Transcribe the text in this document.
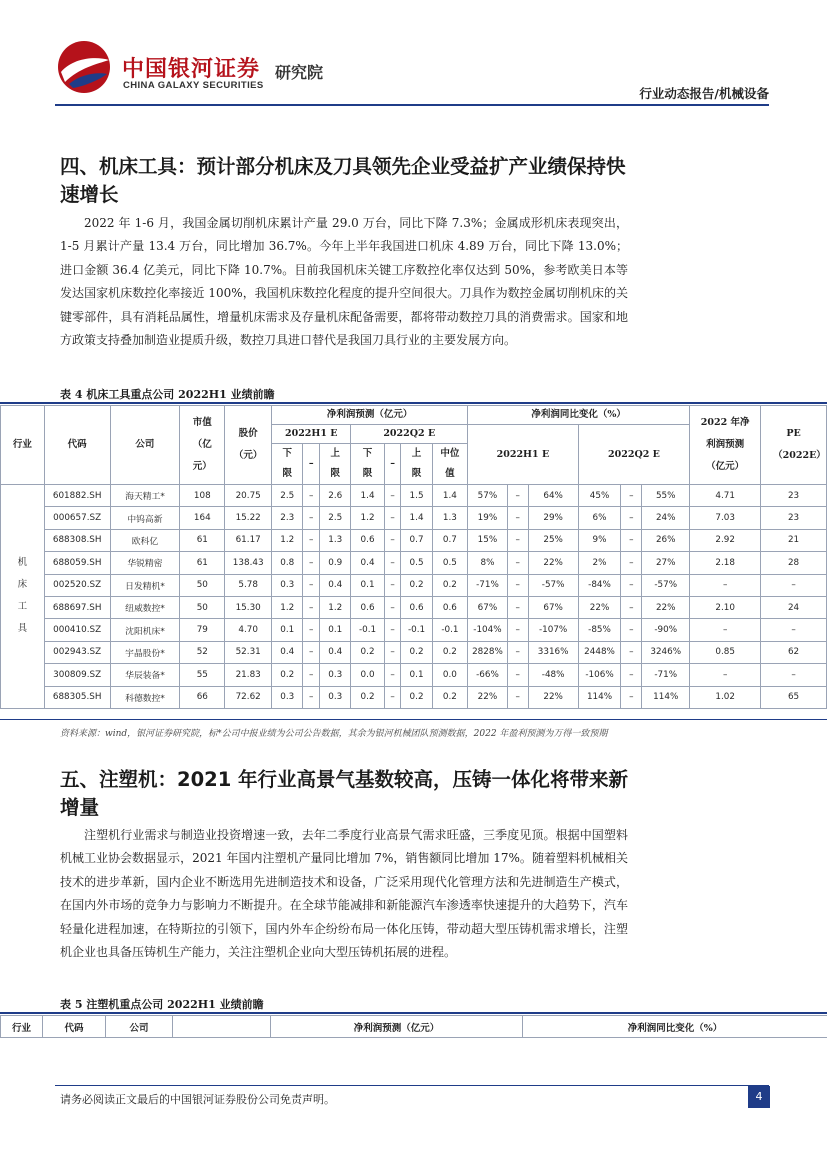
中国银河证券
CHINA GALAXY SECURITIES
研究院
行业动态报告/机械设备
四、机床工具：预计部分机床及刀具领先企业受益扩产业绩保持快速增长
2022 年 1-6 月，我国金属切削机床累计产量 29.0 万台，同比下降 7.3%；金属成形机床表现突出，1-5 月累计产量 13.4 万台，同比增加 36.7%。今年上半年我国进口机床 4.89 万台，同比下降 13.0%；进口金额 36.4 亿美元，同比下降 10.7%。目前我国机床关键工序数控化率仅达到 50%，参考欧美日本等发达国家机床数控化率接近 100%，我国机床数控化程度的提升空间很大。刀具作为数控金属切削机床的关键零部件，具有消耗品属性，增量机床需求及存量机床配备需要，都将带动数控刀具的消费需求。国家和地方政策支持叠加制造业提质升级，数控刀具进口替代是我国刀具行业的主要发展方向。
表 4 机床工具重点公司 2022H1 业绩前瞻
行业	代码	公司	市值（亿元）	股价（元）	净利润预测（亿元）							净利润同比变化（%）						2022 年净利润预测（亿元）	PE（2022E）
					2022H1 E			2022Q2 E				2022H1 E			2022Q2 E				
					下限	–	上限	下限	–	上限	中位值								
机床工具	601882.SH	海天精工*	108	20.75	2.5	–	2.6	1.4	–	1.5	1.4	57%	–	64%	45%	–	55%	4.71	23
	000657.SZ	中钨高新	164	15.22	2.3	–	2.5	1.2	–	1.4	1.3	19%	–	29%	6%	–	24%	7.03	23
	688308.SH	欧科亿	61	61.17	1.2	–	1.3	0.6	–	0.7	0.7	15%	–	25%	9%	–	26%	2.92	21
	688059.SH	华锐精密	61	138.43	0.8	–	0.9	0.4	–	0.5	0.5	8%	–	22%	2%	–	27%	2.18	28
	002520.SZ	日发精机*	50	5.78	0.3	–	0.4	0.1	–	0.2	0.2	-71%	–	-57%	-84%	–	-57%	–	–
	688697.SH	纽威数控*	50	15.30	1.2	–	1.2	0.6	–	0.6	0.6	67%	–	67%	22%	–	22%	2.10	24
	000410.SZ	沈阳机床*	79	4.70	0.1	–	0.1	-0.1	–	-0.1	-0.1	-104%	–	-107%	-85%	–	-90%	–	–
	002943.SZ	宇晶股份*	52	52.31	0.4	–	0.4	0.2	–	0.2	0.2	2828%	–	3316%	2448%	–	3246%	0.85	62
	300809.SZ	华辰装备*	55	21.83	0.2	–	0.3	0.0	–	0.1	0.0	-66%	–	-48%	-106%	–	-71%	–	–
	688305.SH	科德数控*	66	72.62	0.3	–	0.3	0.2	–	0.2	0.2	22%	–	22%	114%	–	114%	1.02	65
资料来源：wind，银河证券研究院，标*公司中报业绩为公司公告数据，其余为银河机械团队预测数据，2022 年盈利预测为万得一致预期
五、注塑机：2021 年行业高景气基数较高，压铸一体化将带来新增量
注塑机行业需求与制造业投资增速一致，去年二季度行业高景气需求旺盛，三季度见顶。根据中国塑料机械工业协会数据显示，2021 年国内注塑机产量同比增加 7%，销售额同比增加 17%。随着塑料机械相关技术的进步革新，国内企业不断选用先进制造技术和设备，广泛采用现代化管理方法和先进制造生产模式，在国内外市场的竞争力与影响力不断提升。在全球节能减排和新能源汽车渗透率快速提升的大趋势下，汽车轻量化进程加速，在特斯拉的引领下，国内外车企纷纷布局一体化压铸，带动超大型压铸机需求增长，注塑机企业也具备压铸机生产能力，关注注塑机企业向大型压铸机拓展的进程。
表 5 注塑机重点公司 2022H1 业绩前瞻
行业	代码	公司		净利润预测（亿元）	净利润同比变化（%）
请务必阅读正文最后的中国银河证券股份公司免责声明。	4
